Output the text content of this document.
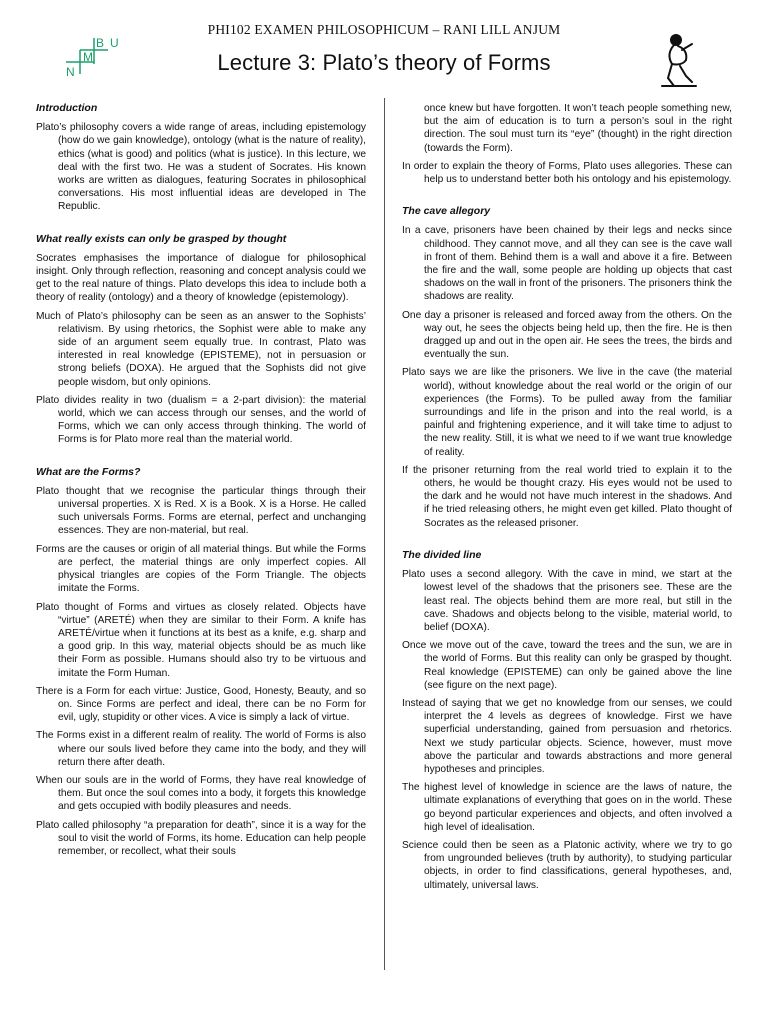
B U
M
N
PHI102 EXAMEN PHILOSOPHICUM – RANI LILL ANJUM
Lecture 3: Plato’s theory of Forms
Introduction

Plato’s philosophy covers a wide range of areas, including epistemology (how do we gain knowledge), ontology (what is the nature of reality), ethics (what is good) and politics (what is justice). In this lecture, we deal with the first two. He was a student of Socrates. His known works are written as dialogues, featuring Socrates in philosophical conversations. His most influential ideas are developed in The Republic.

What really exists can only be grasped by thought

Socrates emphasises the importance of dialogue for philosophical insight. Only through reflection, reasoning and concept analysis could we get to the real nature of things. Plato develops this idea to include both a theory of reality (ontology) and a theory of knowledge (epistemology).

Much of Plato’s philosophy can be seen as an answer to the Sophists’ relativism. By using rhetorics, the Sophist were able to make any side of an argument seem equally true. In contrast, Plato was interested in real knowledge (EPISTEME), not in persuasion or strong beliefs (DOXA). He argued that the Sophists did not give people wisdom, but only opinions.

Plato divides reality in two (dualism = a 2-part division): the material world, which we can access through our senses, and the world of Forms, which we can only access through thinking. The world of Forms is for Plato more real than the material world.

What are the Forms?

Plato thought that we recognise the particular things through their universal properties. X is Red. X is a Book. X is a Horse. He called such universals Forms. Forms are eternal, perfect and unchanging essences. They are non-material, but real.

Forms are the causes or origin of all material things. But while the Forms are perfect, the material things are only imperfect copies. All physical triangles are copies of the Form Triangle. The objects imitate the Forms.

Plato thought of Forms and virtues as closely related. Objects have “virtue” (ARETÉ) when they are similar to their Form. A knife has ARETÉ/virtue when it functions at its best as a knife, e.g. sharp and a good grip. In this way, material objects should be as much like their Form as possible. Humans should also try to be virtuous and imitate the Form Human.

There is a Form for each virtue: Justice, Good, Honesty, Beauty, and so on. Since Forms are perfect and ideal, there can be no Form for evil, ugly, stupidity or other vices. A vice is simply a lack of virtue.

The Forms exist in a different realm of reality. The world of Forms is also where our souls lived before they came into the body, and they will return there after death.

When our souls are in the world of Forms, they have real knowledge of them. But once the soul comes into a body, it forgets this knowledge and gets occupied with bodily pleasures and needs.

Plato called philosophy “a preparation for death”, since it is a way for the soul to visit the world of Forms, its home. Education can help people remember, or recollect, what their souls

once knew but have forgotten. It won’t teach people something new, but the aim of education is to turn a person’s soul in the right direction. The soul must turn its “eye” (thought) in the right direction (towards the Form).

In order to explain the theory of Forms, Plato uses allegories. These can help us to understand better both his ontology and his epistemology.

The cave allegory

In a cave, prisoners have been chained by their legs and necks since childhood. They cannot move, and all they can see is the cave wall in front of them. Behind them is a wall and above it a fire. Between the fire and the wall, some people are holding up objects that cast shadows on the wall in front of the prisoners. The prisoners think the shadows are reality.

One day a prisoner is released and forced away from the others. On the way out, he sees the objects being held up, then the fire. He is then dragged up and out in the open air. He sees the trees, the birds and eventually the sun.

Plato says we are like the prisoners. We live in the cave (the material world), without knowledge about the real world or the origin of our experiences (the Forms). To be pulled away from the familiar surroundings and life in the prison and into the real world, is a painful and frightening experience, and it will take time to adjust to the new reality. Still, it is what we need to if we want true knowledge of reality.

If the prisoner returning from the real world tried to explain it to the others, he would be thought crazy. His eyes would not be used to the dark and he would not have much interest in the shadows. And if he tried releasing others, he might even get killed. Plato thought of Socrates as the released prisoner.

The divided line

Plato uses a second allegory. With the cave in mind, we start at the lowest level of the shadows that the prisoners see. These are the least real. The objects behind them are more real, but still in the cave. Shadows and objects belong to the visible, material world, to belief (DOXA).

Once we move out of the cave, toward the trees and the sun, we are in the world of Forms. But this reality can only be grasped by thought. Real knowledge (EPISTEME) can only be gained above the line (see figure on the next page).

Instead of saying that we get no knowledge from our senses, we could interpret the 4 levels as degrees of knowledge. First we have superficial understanding, gained from persuasion and rhetorics. Next we study particular objects. Science, however, must move above the particular and towards abstractions and more general hypotheses and principles.

The highest level of knowledge in science are the laws of nature, the ultimate explanations of everything that goes on in the world. These go beyond particular experiences and objects, and often involved a high level of idealisation.

Science could then be seen as a Platonic activity, where we try to go from ungrounded believes (truth by authority), to studying particular objects, in order to find classifications, general hypotheses, and, ultimately, universal laws.
